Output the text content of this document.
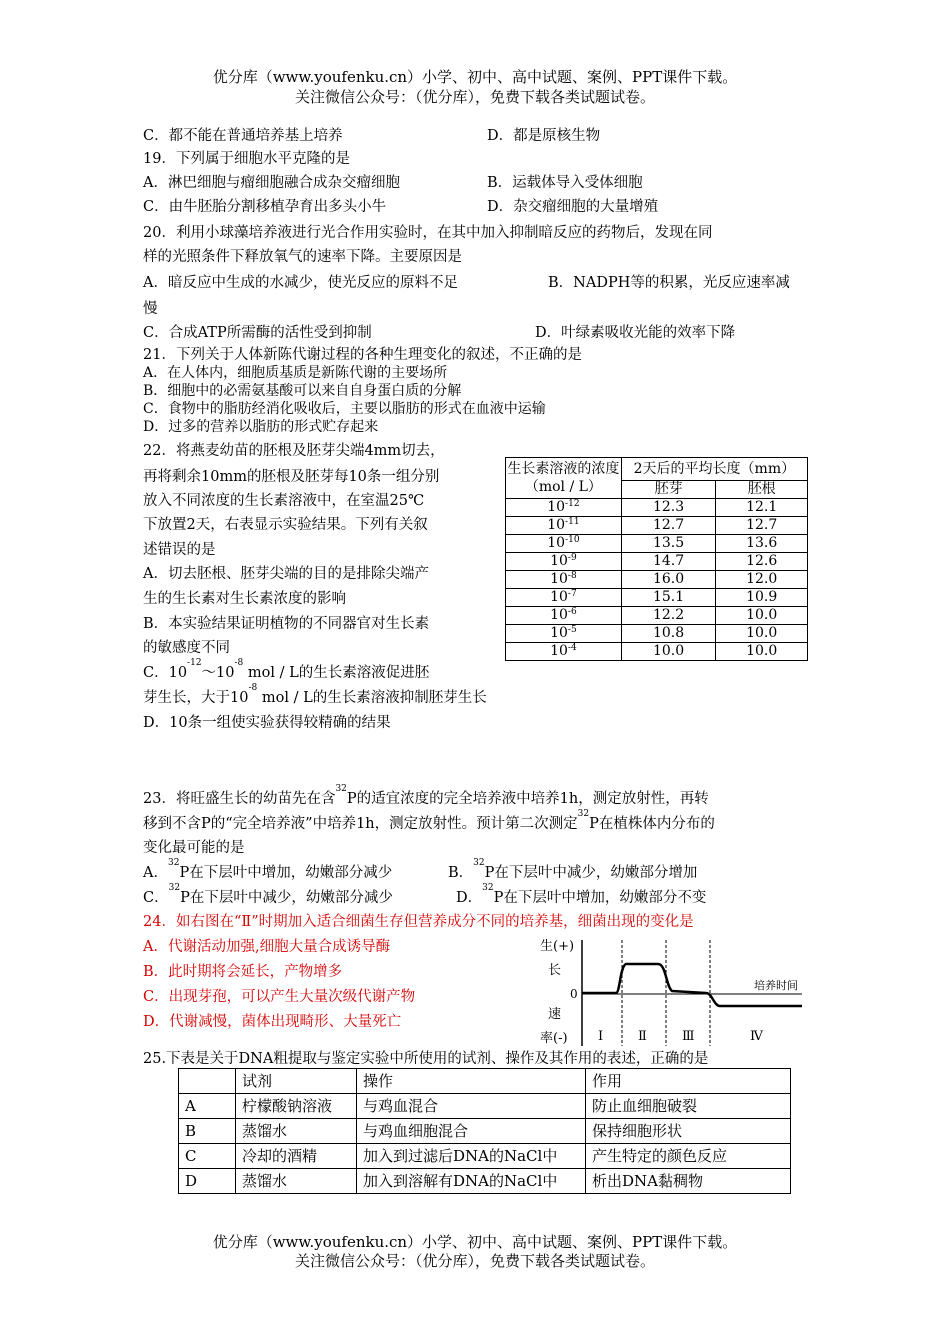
优分库（www.youfenku.cn）小学、初中、高中试题、案例、PPT课件下载。
关注微信公众号：（优分库），免费下载各类试题试卷。
C．都不能在普通培养基上培养	D．都是原核生物
19．下列属于细胞水平克隆的是
A．淋巴细胞与瘤细胞融合成杂交瘤细胞	B．运载体导入受体细胞
C．由牛胚胎分割移植孕育出多头小牛	D．杂交瘤细胞的大量增殖
20．利用小球藻培养液进行光合作用实验时，在其中加入抑制暗反应的药物后，发现在同
样的光照条件下释放氧气的速率下降。主要原因是
A．暗反应中生成的水减少，使光反应的原料不足	B．NADPH等的积累，光反应速率减
慢
C．合成ATP所需酶的活性受到抑制	D．叶绿素吸收光能的效率下降
21．下列关于人体新陈代谢过程的各种生理变化的叙述，不正确的是
A．在人体内，细胞质基质是新陈代谢的主要场所
B．细胞中的必需氨基酸可以来自自身蛋白质的分解
C．食物中的脂肪经消化吸收后，主要以脂肪的形式在血液中运输
D．过多的营养以脂肪的形式贮存起来
22．将燕麦幼苗的胚根及胚芽尖端4mm切去，
再将剩余10mm的胚根及胚芽每10条一组分别
放入不同浓度的生长素溶液中，在室温25℃
下放置2天，右表显示实验结果。下列有关叙
述错误的是
A．切去胚根、胚芽尖端的目的是排除尖端产
生的生长素对生长素浓度的影响
B．本实验结果证明植物的不同器官对生长素
的敏感度不同
C．$10^{-12}\sim 10^{-8}$ mol / L的生长素溶液促进胚
芽生长，大于$10^{-8}$ mol / L的生长素溶液抑制胚芽生长
D．10条一组使实验获得较精确的结果
生长素溶液的浓度（mol / L）	2天后的平均长度（mm）	
	胚芽	胚根
$10^{-12}$	12.3	12.1
$10^{-11}$	12.7	12.7
$10^{-10}$	13.5	13.6
$10^{-9}$	14.7	12.6
$10^{-8}$	16.0	12.0
$10^{-7}$	15.1	10.9
$10^{-6}$	12.2	10.0
$10^{-5}$	10.8	10.0
$10^{-4}$	10.0	10.0
23．将旺盛生长的幼苗先在含$^{32}$P的适宜浓度的完全培养液中培养1h，测定放射性，再转
移到不含P的“完全培养液”中培养1h，测定放射性。预计第二次测定$^{32}$P在植株体内分布的
变化最可能的是
A．$^{32}$P在下层叶中增加，幼嫩部分减少	B．$^{32}$P在下层叶中减少，幼嫩部分增加
C．$^{32}$P在下层叶中减少，幼嫩部分减少	D．$^{32}$P在下层叶中增加，幼嫩部分不变
24．如右图在“Ⅱ”时期加入适合细菌生存但营养成分不同的培养基，细菌出现的变化是
A．代谢活动加强,细胞大量合成诱导酶
B．此时期将会延长，产物增多
C．出现芽孢，可以产生大量次级代谢产物
D．代谢减慢，菌体出现畸形、大量死亡
生(+)
长
0
速
率(-)
培养时间
Ⅰ	Ⅱ	Ⅲ	Ⅳ
25.下表是关于DNA粗提取与鉴定实验中所使用的试剂、操作及其作用的表述，正确的是
	试剂	操作	作用
A	柠檬酸钠溶液	与鸡血混合	防止血细胞破裂
B	蒸馏水	与鸡血细胞混合	保持细胞形状
C	冷却的酒精	加入到过滤后DNA的NaCl中	产生特定的颜色反应
D	蒸馏水	加入到溶解有DNA的NaCl中	析出DNA黏稠物
优分库（www.youfenku.cn）小学、初中、高中试题、案例、PPT课件下载。
关注微信公众号：（优分库），免费下载各类试题试卷。
